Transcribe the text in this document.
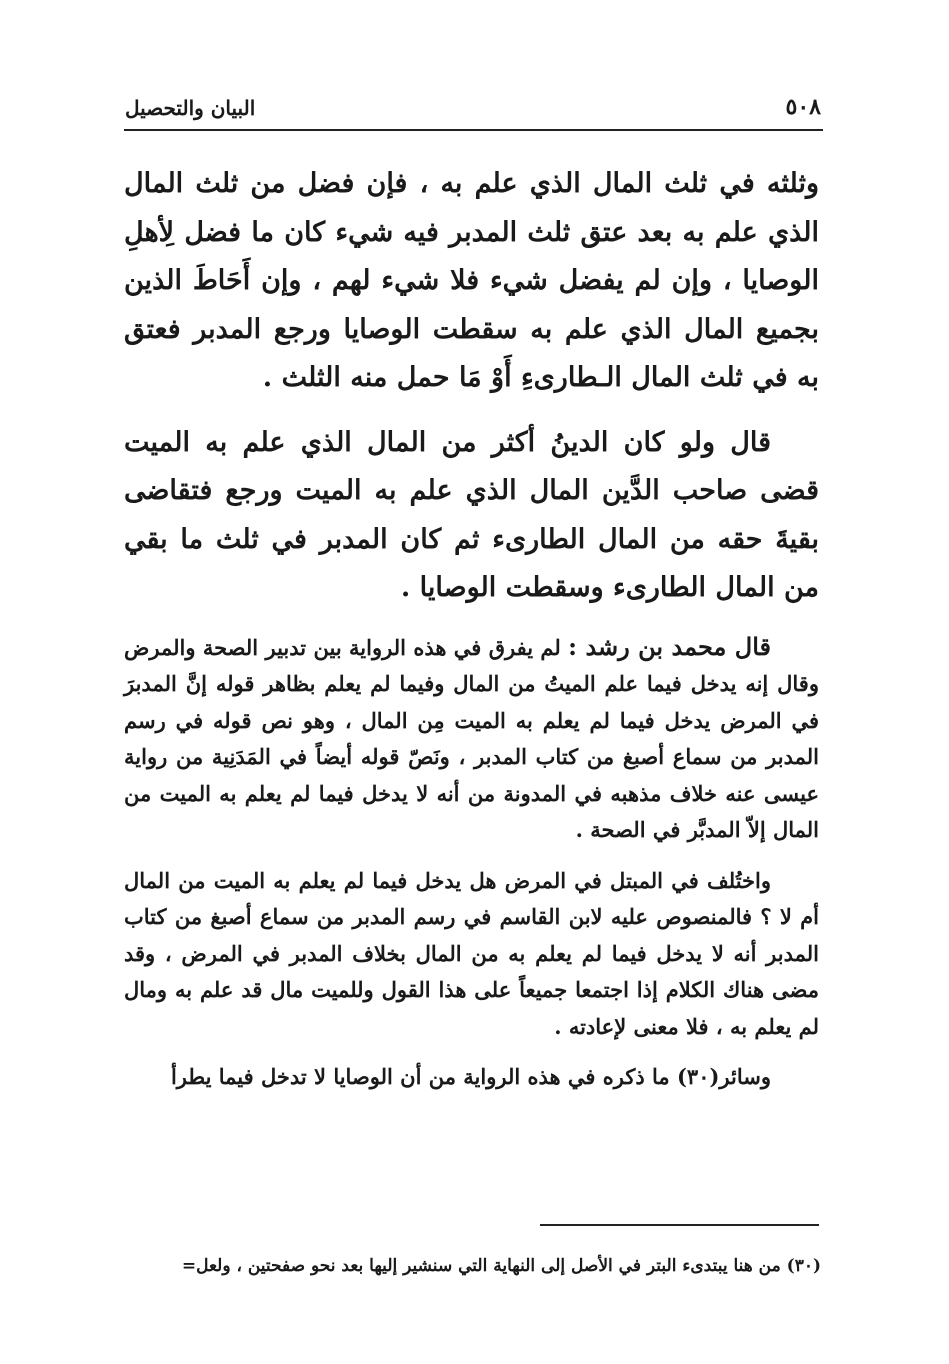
٥٠٨
البيان والتحصيل

وثلثه في ثلث المال الذي علم به ، فإن فضل من ثلث المال الذي علم به بعد عتق ثلث المدبر فيه شيء كان ما فضل لِأهلِ الوصايا ، وإن لم يفضل شيء فلا شيء لهم ، وإن أَحَاطَ الذين بجميع المال الذي علم به سقطت الوصايا ورجع المدبر فعتق به في ثلث المال الـطارىءِ أَوْ مَا حمل منه الثلث .

قال ولو كان الدينُ أكثر من المال الذي علم به الميت قضى صاحب الدَّين المال الذي علم به الميت ورجع فتقاضى بقيةَ حقه من المال الطارىء ثم كان المدبر في ثلث ما بقي من المال الطارىء وسقطت الوصايا .

قال محمد بن رشد : لم يفرق في هذه الرواية بين تدبير الصحة والمرض وقال إنه يدخل فيما علم الميتُ من المال وفيما لم يعلم بظاهر قوله إنَّ المدبرَ في المرض يدخل فيما لم يعلم به الميت مِن المال ، وهو نص قوله في رسم المدبر من سماع أصبغ من كتاب المدبر ، ونَصّ قوله أيضاً في المَدَنِية من رواية عيسى عنه خلاف مذهبه في المدونة من أنه لا يدخل فيما لم يعلم به الميت من المال إلاّ المدبَّر في الصحة .

واختُلف في المبتل في المرض هل يدخل فيما لم يعلم به الميت من المال أم لا ؟ فالمنصوص عليه لابن القاسم في رسم المدبر من سماع أصبغ من كتاب المدبر أنه لا يدخل فيما لم يعلم به من المال بخلاف المدبر في المرض ، وقد مضى هناك الكلام إذا اجتمعا جميعاً على هذا القول وللميت مال قد علم به ومال لم يعلم به ، فلا معنى لإعادته .

وسائر(٣٠) ما ذكره في هذه الرواية من أن الوصايا لا تدخل فيما يطرأ

(٣٠) من هنا يبتدىء البتر في الأصل إلى النهاية التي سنشير إليها بعد نحو صفحتين ، ولعل=
